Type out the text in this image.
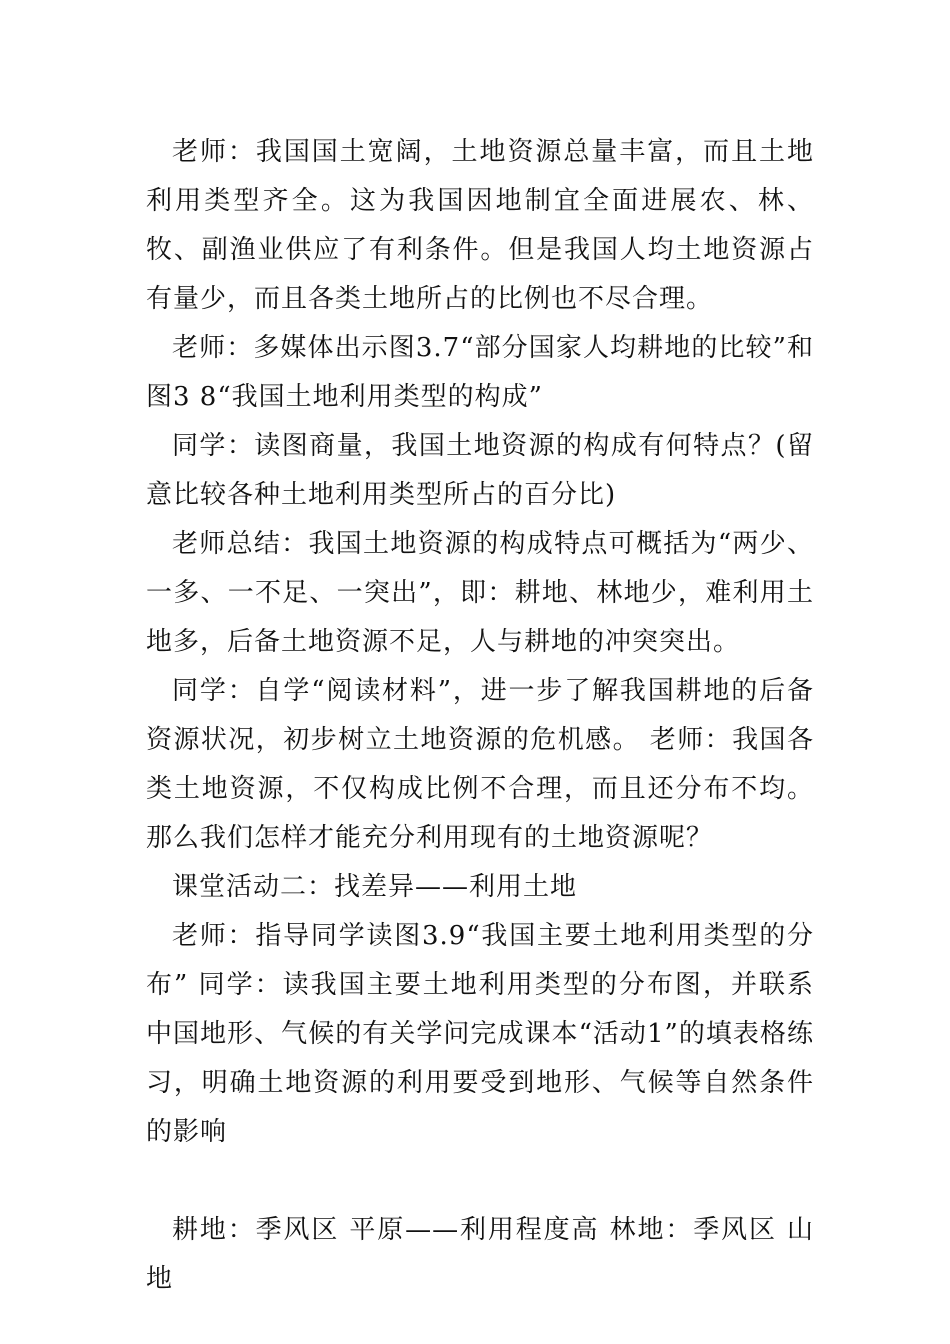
老师：我国国土宽阔，土地资源总量丰富，而且土地利用类型齐全。这为我国因地制宜全面进展农、林、牧、副渔业供应了有利条件。但是我国人均土地资源占有量少，而且各类土地所占的比例也不尽合理。

老师：多媒体出示图3.7“部分国家人均耕地的比较”和图3 8“我国土地利用类型的构成”

同学：读图商量，我国土地资源的构成有何特点？(留意比较各种土地利用类型所占的百分比)

老师总结：我国土地资源的构成特点可概括为“两少、一多、一不足、一突出”，即：耕地、林地少，难利用土地多，后备土地资源不足，人与耕地的冲突突出。

同学：自学“阅读材料”，进一步了解我国耕地的后备资源状况，初步树立土地资源的危机感。 老师：我国各类土地资源，不仅构成比例不合理，而且还分布不均。那么我们怎样才能充分利用现有的土地资源呢？

课堂活动二：找差异——利用土地

老师：指导同学读图3.9“我国主要土地利用类型的分布” 同学：读我国主要土地利用类型的分布图，并联系中国地形、气候的有关学问完成课本“活动1”的填表格练习，明确土地资源的利用要受到地形、气候等自然条件的影响

耕地：季风区 平原——利用程度高 林地：季风区 山地
